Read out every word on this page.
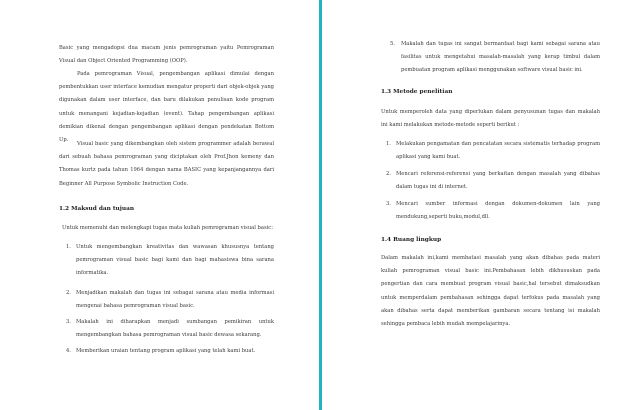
Basic yang mengadopsi dua macam jenis pemrograman yaitu Pemrograman Visual dan Object Oriented Programming (OOP).

Pada pemrograman Visual, pengembangan aplikasi dimulai dengan pembentukkan user interface kemudian mengatur properti dari objek-objek yang digunakan dalam user interface, dan baru dilakukan penulisan kode program untuk menangani kejadian-kejadian (event). Tahap pengembangan aplikasi demikian dikenal dengan pengembangan aplikasi dengan pendekatan Bottom Up.

Visual basic yang dikembangkan oleh sistem programmer adalah berawal dari sebuah bahasa pemrograman yang diciptakan oleh Prof.Jhon kemeny dan Thomas kurtz pada tahun 1964 dengan nama BASIC yang kepanjangannya dari Beginner All Purpose Symbolic Instruction Code.

1.2 Maksud dan tujuan

Untuk memenuhi dan melengkapi tugas mata kuliah pemrograman visual basic:

1. Untuk mengembangkan kreativitas dan wawasan khususnya tentang pemrograman visual basic bagi kami dan bagi mahasiswa bina sarana informatika.
2. Menjadikan makalah dan tugas ini sebagai sarana atau media informasi mengenai bahasa pemrograman visual basic.
3. Makalah ini diharapkan menjadi sumbangan pemikiran untuk mengembangkan bahasa pemrograman visual basic dewasa sekarang.
4. Memberikan uraian tentang program aplikasi yang telah kami buat.
5. Makalah dan tugas ini sangat bermanfaat bagi kami sebagai sarana atau fasilitas untuk mengetahui masalah-masalah yang kerap timbul dalam pembuatan program aplikasi menggunakan software visual basic ini.

1.3 Metode penelitian

Untuk memperoleh data yang diperlukan dalam penyusunan tugas dan makalah ini kami melakukan metode-metode seperti berikut :

1. Melakukan pengamatan dan pencatatan secara sistematis terhadap program aplikasi yang kami buat.
2. Mencari referensi-referensi yang berkaitan dengan masalah yang dibahas dalam tugas ini di internet.
3. Mencari sumber informasi dengan dokumen-dokumen lain yang mendukung,seperti buku,modul,dll.

1.4 Ruang lingkup

Dalam makalah ini,kami membatasi masalah yang akan dibahas pada materi kuliah pemrograman visual basic ini.Pembahasan lebih dikhususkan pada pengertian dan cara membuat program visual basic,hal tersebut dimaksudkan untuk memperdalam pembahasan sehingga dapat terfokus pada masalah yang akan dibahas serta dapat memberikan gambaran secara tentang isi makalah sehingga pembaca lebih mudah mempelajarinya.
